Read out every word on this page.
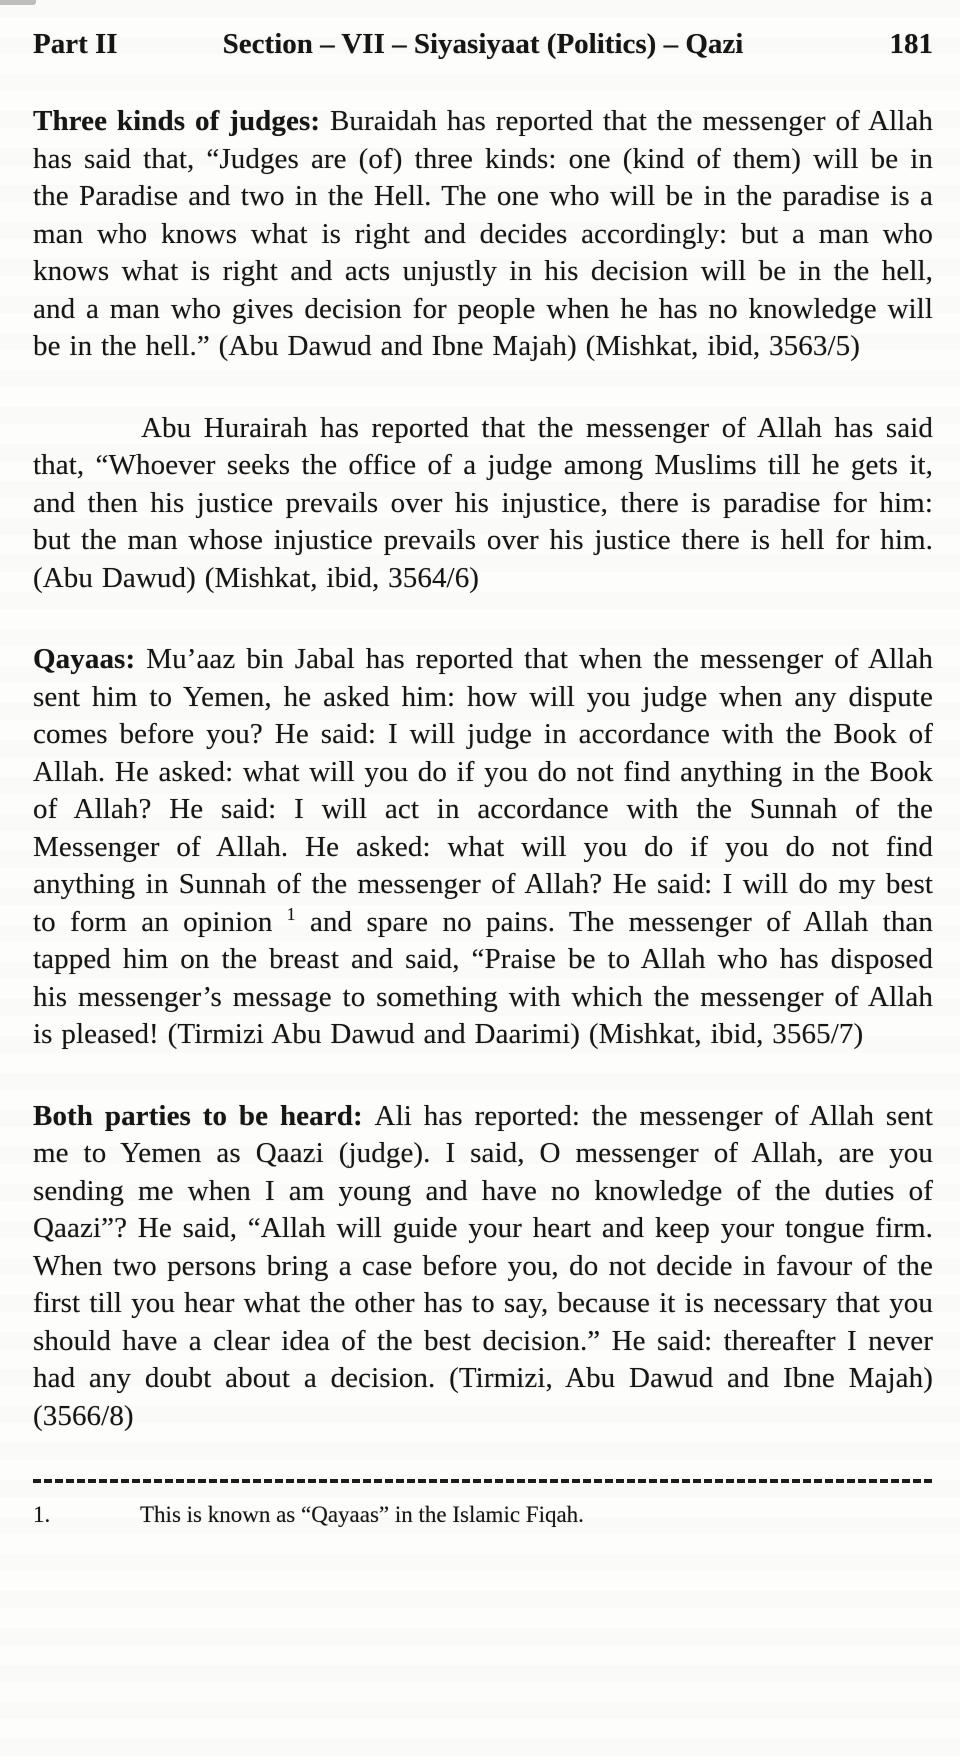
Part II	Section – VII – Siyasiyaat (Politics) – Qazi	181

Three kinds of judges: Buraidah has reported that the messenger of Allah has said that, “Judges are (of) three kinds: one (kind of them) will be in the Paradise and two in the Hell. The one who will be in the paradise is a man who knows what is right and decides accordingly: but a man who knows what is right and acts unjustly in his decision will be in the hell, and a man who gives decision for people when he has no knowledge will be in the hell.” (Abu Dawud and Ibne Majah) (Mishkat, ibid, 3563/5)

Abu Hurairah has reported that the messenger of Allah has said that, “Whoever seeks the office of a judge among Muslims till he gets it, and then his justice prevails over his injustice, there is paradise for him: but the man whose injustice prevails over his justice there is hell for him. (Abu Dawud) (Mishkat, ibid, 3564/6)

Qayaas: Mu’aaz bin Jabal has reported that when the messenger of Allah sent him to Yemen, he asked him: how will you judge when any dispute comes before you? He said: I will judge in accordance with the Book of Allah. He asked: what will you do if you do not find anything in the Book of Allah? He said: I will act in accordance with the Sunnah of the Messenger of Allah. He asked: what will you do if you do not find anything in Sunnah of the messenger of Allah? He said: I will do my best to form an opinion $^1$ and spare no pains. The messenger of Allah than tapped him on the breast and said, “Praise be to Allah who has disposed his messenger’s message to something with which the messenger of Allah is pleased! (Tirmizi Abu Dawud and Daarimi) (Mishkat, ibid, 3565/7)

Both parties to be heard: Ali has reported: the messenger of Allah sent me to Yemen as Qaazi (judge). I said, O messenger of Allah, are you sending me when I am young and have no knowledge of the duties of Qaazi”? He said, “Allah will guide your heart and keep your tongue firm. When two persons bring a case before you, do not decide in favour of the first till you hear what the other has to say, because it is necessary that you should have a clear idea of the best decision.” He said: thereafter I never had any doubt about a decision. (Tirmizi, Abu Dawud and Ibne Majah) (3566/8)

1.	This is known as “Qayaas” in the Islamic Fiqah.
